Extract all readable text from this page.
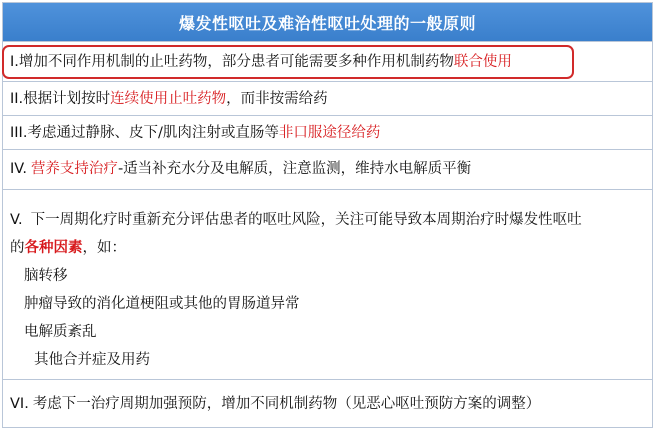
爆发性呕吐及难治性呕吐处理的一般原则
I. 增加不同作用机制的止吐药物，部分患者可能需要多种作用机制药物 联合使用
II. 根据计划按时 连续使用止吐药物 ，而非按需给药
III. 考虑通过静脉、皮下/肌肉注射或直肠等 非口服途径给药
IV. 营养支持治疗 -适当补充水分及电解质，注意监测，维持水电解质平衡
V. 下一周期化疗时重新充分评估患者的呕吐风险，关注可能导致本周期治疗时爆发性呕吐
的 各种因素 ，如：
脑转移
肿瘤导致的消化道梗阻或其他的胃肠道异常
电解质紊乱
其他合并症及用药
VI. 考虑下一治疗周期加强预防，增加不同机制药物（见恶心呕吐预防方案的调整）
